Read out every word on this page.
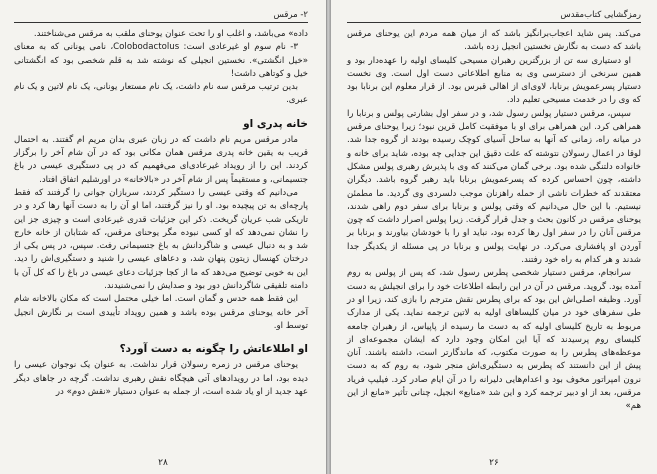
۲- مرقس

داده» می‌باشد، و اغلب او را تحت عنوان یوحنای ملقب به مرقس می‌شناختند.

۳- نام سوم او غیرعادی است: Colobodactolus، نامی یونانی که به معنای «خیل انگشتی». نخستین انجیلی که نوشته شد به قلم شخصی بود که انگشتانی خیل و کوتاهی داشت!

بدین ترتیب مرقس سه نام داشت، یک نام مستعار یونانی، یک نام لاتین و یک نام عبری.

خانه پدری او

مادر مرقس مریم نام داشت که در زبان عبری بدان مریم ام گفتند. به احتمال قریب به یقین خانه پدری مرقس همان مکانی بود که در آن شام آخر را برگزار کردند. این را از رویداد غیرعادی‌ای می‌فهمیم که در پی دستگیری عیسی در باغ جتسیمانی، و مستقیماً پس از شام آخر در «بالاخانه» در اورشلیم اتفاق افتاد.

می‌دانیم که وقتی عیسی را دستگیر کردند، سربازان جوانی را گرفتند که فقط پارچه‌ای به تن پیچیده بود. او را نیز گرفتند، اما او آن را به دست آنها رها کرد و در تاریکی شب عریان گریخت. ذکر این جزئیات قدری غیرعادی است و چیزی جز این را نشان نمی‌دهد که او کسی نبوده مگر یوحنای مرقس، که شتابان از خانه خارج شد و به دنبال عیسی و شاگردانش به باغ جتسیمانی رفت. سپس، در پس یکی از درختان کهنسال زیتون پنهان شد، و دعاهای عیسی را شنید و دستگیری‌اش را دید. این به خوبی توضیح می‌دهد که ما از کجا جزئیات دعای عیسی در باغ را که کل آن با دامنه تلفیقی شاگردانش دور بود و صدایش را نمی‌شنیدند.

این فقط همه حدس و گمان است. اما خیلی محتمل است که مکان بالاخانه شام آخر خانه یوحنای مرقس بوده باشد و همین رویداد تأییدی است بر نگارش انجیل توسط او.

او اطلاعاتش را چگونه به دست آورد؟

یوحنای مرقس در زمره رسولان قرار نداشت. به عنوان یک نوجوان عیسی را دیده بود، اما در رویدادهای آتی هیچگاه نقش رهبری نداشت. گرچه در جاهای دیگر عهد جدید از او یاد شده است، از جمله به عنوان دستیار «نقش دوم» در

۲۸
رمزگشایی کتاب‌مقدس

می‌کند. پس شاید اعجاب‌برانگیز باشد که از میان همه مردم این یوحنای مرقس باشد که دست به نگارش نخستین انجیل زده باشد.

او دستیاری سه تن از بزرگترین رهبران مسیحی کلیسای اولیه را عهده‌دار بود و همین سرنخی از دسترسی وی به منابع اطلاعاتی دست اول است. وی نخست دستیار پسرعمویش برنابا، لاوی‌ای از اهالی قبرس بود. از قرار معلوم این برنابا بود که وی را در خدمت مسیحی تعلیم داد.

سپس، مرقس دستیار پولس رسول شد، و در سفر اول بشارتی پولس و برنابا را همراهی کرد. این همراهی برای او با موفقیت کامل قرین نبود؛ زیرا یوحنای مرقس در میانه راه، زمانی که آنها به ساحل آسیای کوچک رسیده بودند از گروه جدا شد. لوقا در اعمال رسولان نتوشته که علت دقیق این جدایی چه بوده، شاید برای خانه و خانواده دلتنگی شده بود. برخی گمان می‌کنند که وی با پذیرش رهبری پولس مشکل داشته، چون احساس کرده که پسرعمویش برنابا باید رهبر گروه باشد. دیگران معتقدند که خطرات ناشی از حمله راهزنان موجب دلسردی وی گردید. ما مطمئن نیستیم. با این حال می‌دانیم که وقتی پولس و برنابا برای سفر دوم راهی شدند، یوحنای مرقس در کانون بحث و جدل قرار گرفت. زیرا پولس اصرار داشت که چون مرقس آنان را در سفر اول رها کرده بود، نباید او را با خودشان بیاورند و برنابا بر آوردن او پافشاری می‌کرد. در نهایت پولس و برنابا در پی مسئله از یکدیگر جدا شدند و هر کدام به راه خود رفتند.

سرانجام، مرقس دستیار شخصی پطرس رسول شد، که پس از پولس به روم آمده بود. گروید. مرقس در آن در این رابطه اطلاعات خود را برای انجیلش به دست آورد. وظیفه اصلی‌اش این بود که برای پطرس نقش مترجم را بازی کند، زیرا او در طی سفرهای خود در میان کلیساهای اولیه به لاتین ترجمه نماید. یکی از مدارک مربوط به تاریخ کلیسای اولیه که به دست ما رسیده از پاپیاس، از رهبران جامعه کلیسای روم پرسیدند که آیا این امکان وجود دارد که ایشان مجموعه‌ای از موعظه‌های پطرس را به صورت مکتوب، که ماندگارتر است، داشته باشند. آنان پیش از این دانستند که پطرس به دستگیری‌اش منجر شود، به روم که به دست نرون امپراتور مخوف بود و اعدام‌هایی دلیرانه را در آن ایام صادر کرد. فیلیپ فریاد مرقس، بعد از او دبیر ترجمه کرد و این شد «منابع» انجیل، چنانی تأثیر «مانع از این هم»

۲۶
